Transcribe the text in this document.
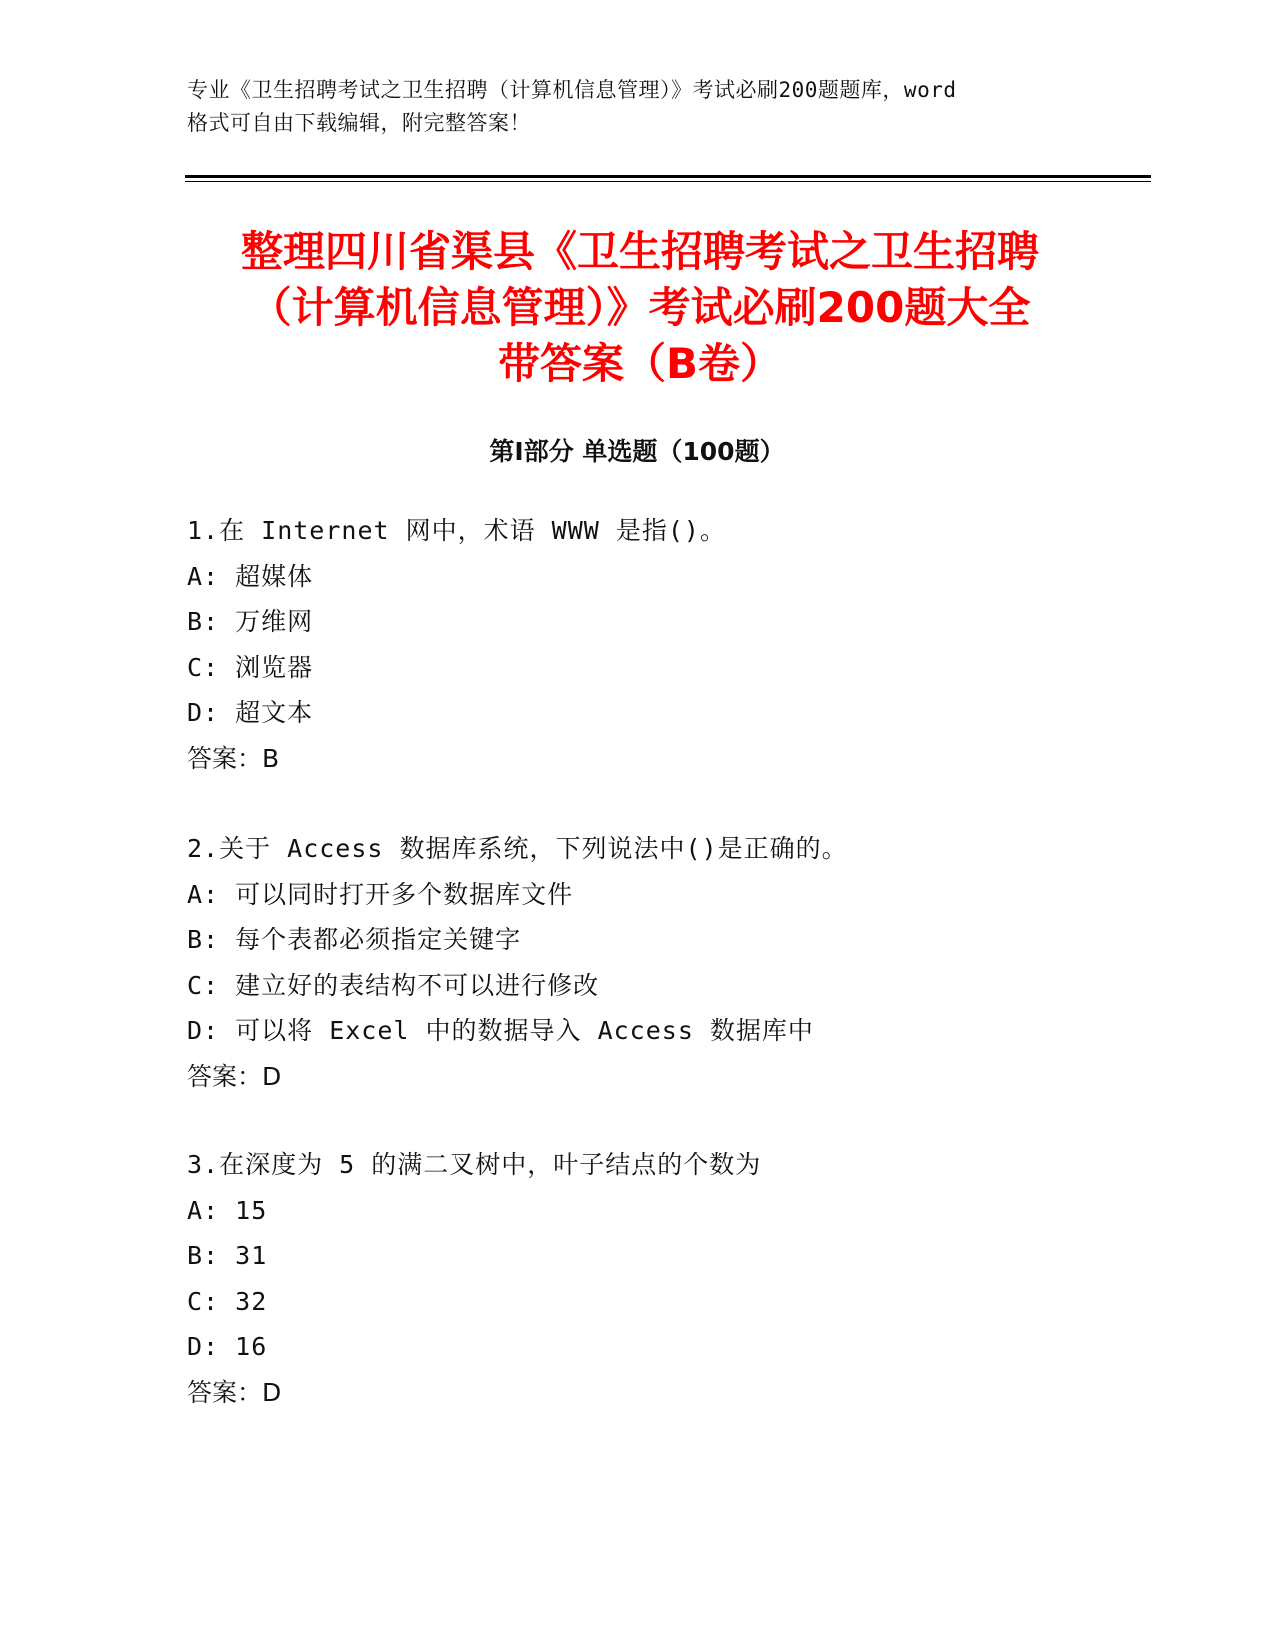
专业《卫生招聘考试之卫生招聘（计算机信息管理）》考试必刷200题题库，word
格式可自由下载编辑，附完整答案！
整理四川省渠县《卫生招聘考试之卫生招聘
（计算机信息管理）》考试必刷200题大全
带答案（B卷）
第Ⅰ部分 单选题（100题）
1.在 Internet 网中，术语 WWW 是指()。
A: 超媒体
B: 万维网
C: 浏览器
D: 超文本
答案：B
2.关于 Access 数据库系统，下列说法中()是正确的。
A: 可以同时打开多个数据库文件
B: 每个表都必须指定关键字
C: 建立好的表结构不可以进行修改
D: 可以将 Excel 中的数据导入 Access 数据库中
答案：D
3.在深度为 5 的满二叉树中，叶子结点的个数为
A: 15
B: 31
C: 32
D: 16
答案：D
